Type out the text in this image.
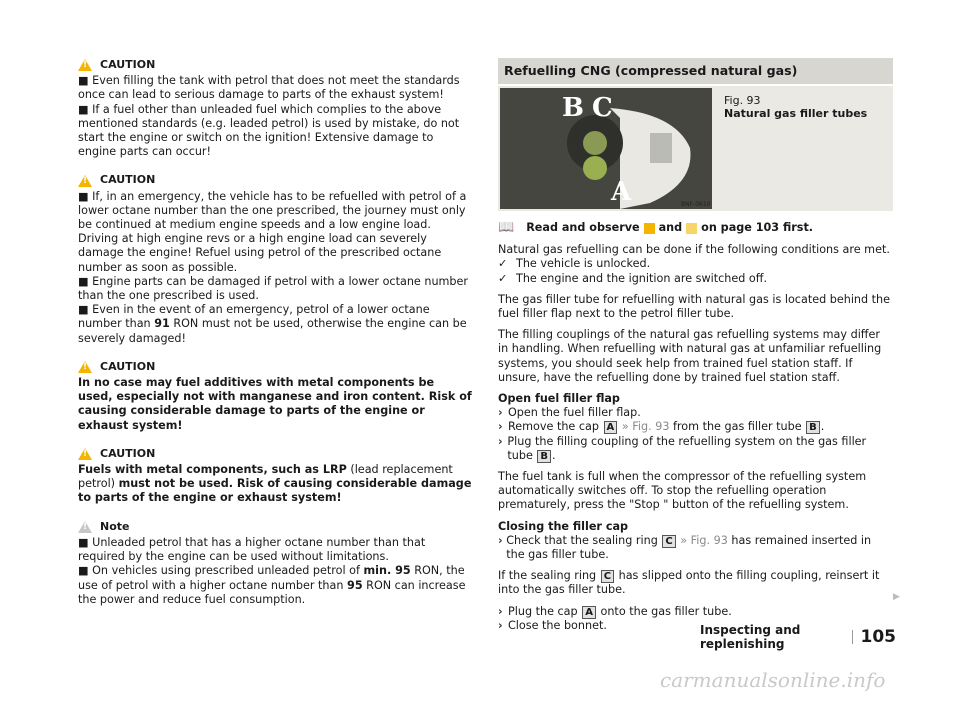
!
CAUTION

■ Even filling the tank with petrol that does not meet the standards once can lead to serious damage to parts of the exhaust system!

■ If a fuel other than unleaded fuel which complies to the above mentioned standards (e.g. leaded petrol) is used by mistake, do not start the engine or switch on the ignition! Extensive damage to engine parts can occur!

!
CAUTION

■ If, in an emergency, the vehicle has to be refuelled with petrol of a lower octane number than the one prescribed, the journey must only be continued at medium engine speeds and a low engine load. Driving at high engine revs or a high engine load can severely damage the engine! Refuel using petrol of the prescribed octane number as soon as possible.

■ Engine parts can be damaged if petrol with a lower octane number than the one prescribed is used.

■ Even in the event of an emergency, petrol of a lower octane number than 91 RON must not be used, otherwise the engine can be severely damaged!

!
CAUTION

In no case may fuel additives with metal components be used, especially not with manganese and iron content. Risk of causing considerable damage to parts of the engine or exhaust system!

!
CAUTION

Fuels with metal components, such as LRP (lead replacement petrol) must not be used. Risk of causing considerable damage to parts of the engine or exhaust system!

!
Note

■ Unleaded petrol that has a higher octane number than that required by the engine can be used without limitations.

■ On vehicles using prescribed unleaded petrol of min. 95 RON, the use of petrol with a higher octane number than 95 RON can increase the power and reduce fuel consumption.

Refuelling CNG (compressed natural gas)
B C
A	BNF-0610
Fig. 93
Natural gas filler tubes
📖 Read and observe and on page 103 first.

Natural gas refuelling can be done if the following conditions are met.

✓ The vehicle is unlocked.
✓ The engine and the ignition are switched off.

The gas filler tube for refuelling with natural gas is located behind the fuel filler flap next to the petrol filler tube.

The filling couplings of the natural gas refuelling systems may differ in handling. When refuelling with natural gas at unfamiliar refuelling systems, you should seek help from trained fuel station staff. If unsure, have the refuelling done by trained fuel station staff.

Open fuel filler flap
› Open the fuel filler flap.
› Remove the cap A » Fig. 93 from the gas filler tube B .
› Plug the filling coupling of the refuelling system on the gas filler tube B .

The fuel tank is full when the compressor of the refuelling system automatically switches off. To stop the refuelling operation prematurely, press the "Stop " button of the refuelling system.

Closing the filler cap
› Check that the sealing ring C » Fig. 93 has remained inserted in the gas filler tube.

If the sealing ring C has slipped onto the filling coupling, reinsert it into the gas filler tube.

› Plug the cap A onto the gas filler tube.
› Close the bonnet.
▶
Inspecting and replenishing	105
carmanualsonline.info
